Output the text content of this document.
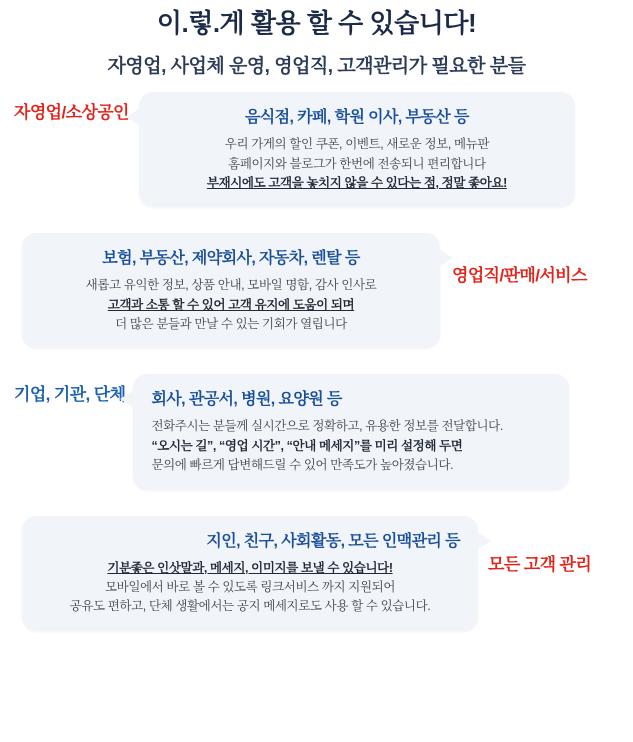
이.렇.게 활용 할 수 있습니다!
자영업, 사업체 운영, 영업직, 고객관리가 필요한 분들
자영업/소상공인	음식점, 카페, 학원 이사, 부동산 등
우리 가게의 할인 쿠폰, 이벤트, 새로운 정보, 메뉴판
홈페이지와 블로그가 한번에 전송되니 편리합니다
부재시에도 고객을 놓치지 않을 수 있다는 점, 정말 좋아요!
보험, 부동산, 제약회사, 자동차, 렌탈 등
새롭고 유익한 정보, 상품 안내, 모바일 명함, 감사 인사로
고객과 소통 할 수 있어 고객 유지에 도움이 되며
더 많은 분들과 만날 수 있는 기회가 열립니다
영업직/판매/서비스
기업, 기관, 단체 회사, 관공서, 병원, 요양원 등
전화주시는 분들께 실시간으로 정확하고, 유용한 정보를 전달합니다.
“오시는 길”, “영업 시간”, “안내 메세지”를 미리 설정해 두면
문의에 빠르게 답변해드릴 수 있어 만족도가 높아졌습니다.
지인, 친구, 사회활동, 모든 인맥관리 등
기분좋은 인삿말과, 메세지, 이미지를 보낼 수 있습니다!
모바일에서 바로 볼 수 있도록 링크서비스 까지 지원되어
공유도 편하고, 단체 생활에서는 공지 메세지로도 사용 할 수 있습니다.
모든 고객 관리
